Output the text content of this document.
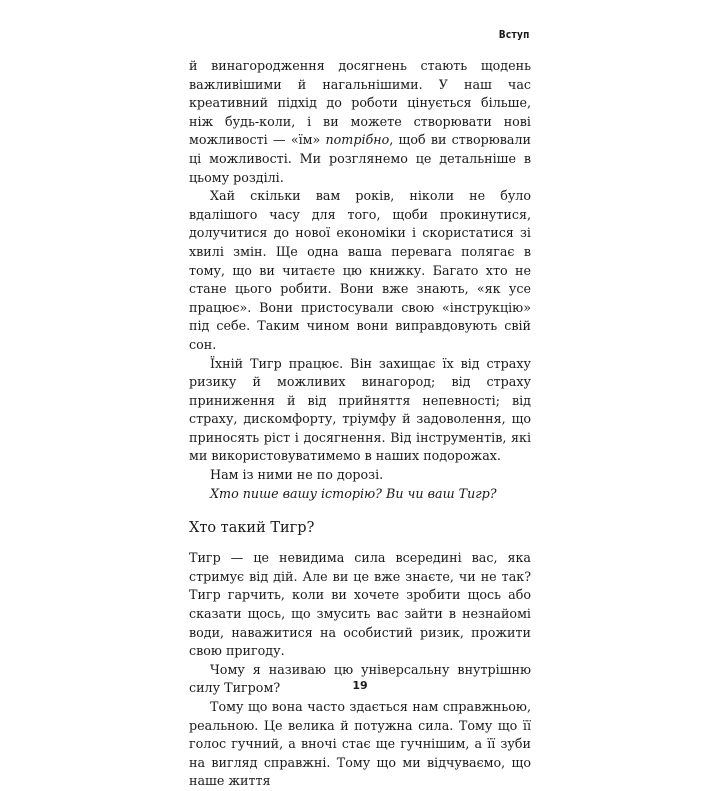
Вступ

й винагородження досягнень стають щодень важливішими й нагальнішими. У наш час креативний підхід до роботи цінується більше, ніж будь-коли, і ви можете створювати нові можливості — «їм» потрібно, щоб ви створювали ці можливості. Ми розглянемо це детальніше в цьому розділі.

Хай скільки вам років, ніколи не було вдалішого часу для того, щоби прокинутися, долучитися до нової економіки і скористатися зі хвилі змін. Ще одна ваша перевага полягає в тому, що ви читаєте цю книжку. Багато хто не стане цього робити. Вони вже знають, «як усе працює». Вони пристосували свою «інструкцію» під себе. Таким чином вони виправдовують свій сон.

Їхній Тигр працює. Він захищає їх від страху ризику й можливих винагород; від страху приниження й від прийняття непевності; від страху, дискомфорту, тріумфу й задоволення, що приносять ріст і досягнення. Від інструментів, які ми використовуватимемо в наших подорожах.

Нам із ними не по дорозі.

Хто пише вашу історію? Ви чи ваш Тигр?

Хто такий Тигр?

Тигр — це невидима сила всередині вас, яка стримує від дій. Але ви це вже знаєте, чи не так? Тигр гарчить, коли ви хочете зробити щось або сказати щось, що змусить вас зайти в незнайомі води, наважитися на особистий ризик, прожити свою пригоду.

Чому я називаю цю універсальну внутрішню силу Тигром?

Тому що вона часто здається нам справжньою, реальною. Це велика й потужна сила. Тому що її голос гучний, а вночі стає ще гучнішим, а її зуби на вигляд справжні. Тому що ми відчуваємо, що наше життя

19
